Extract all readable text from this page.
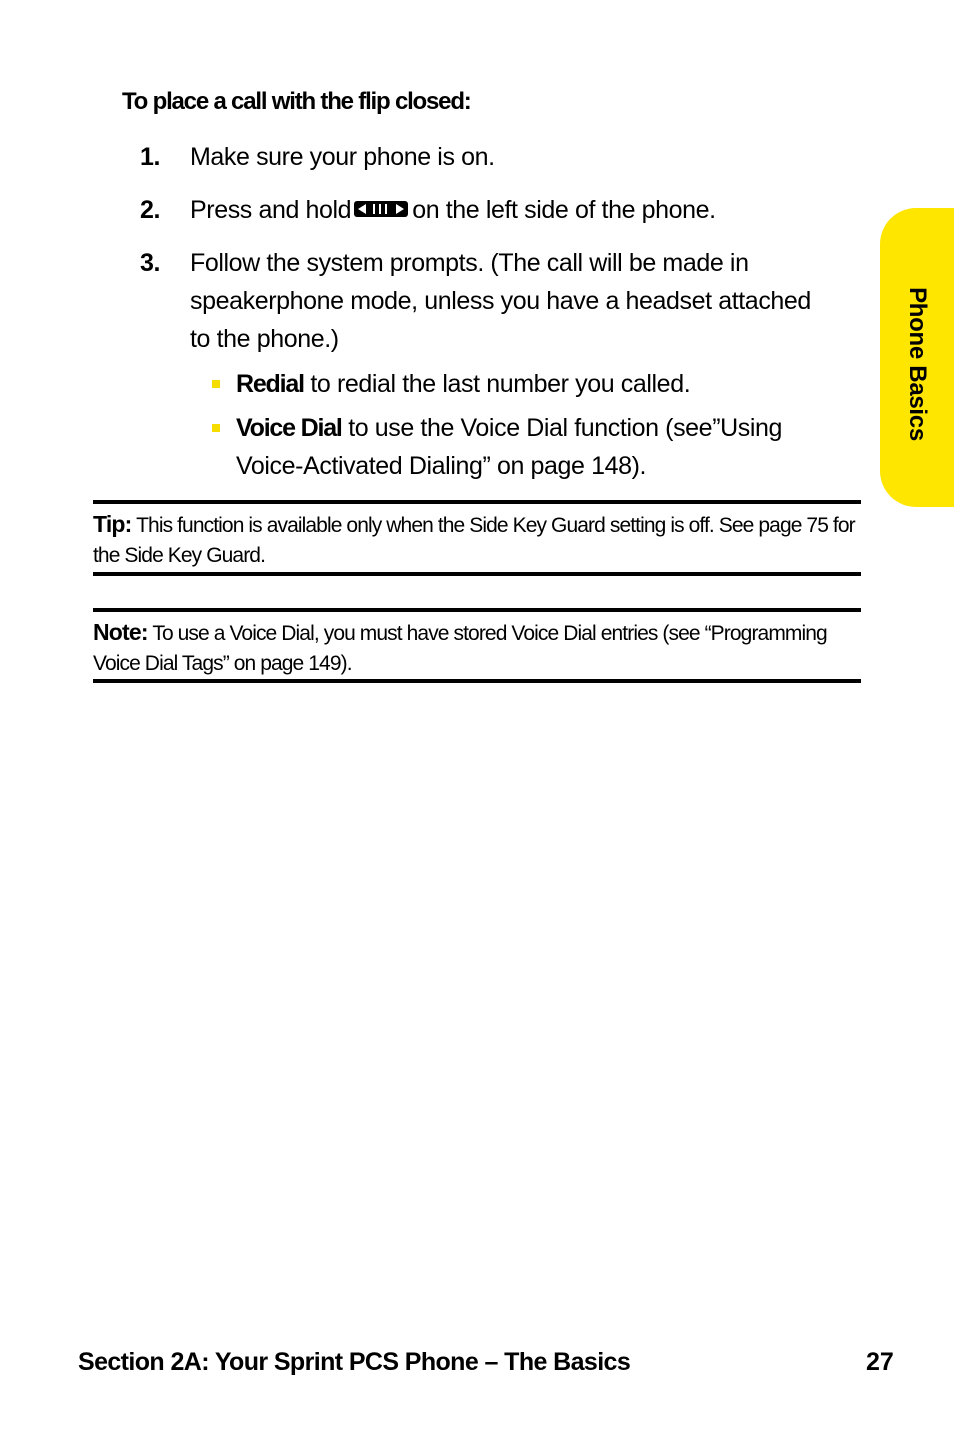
To place a call with the flip closed:
1. Make sure your phone is on.
2. Press and hold on the left side of the phone.
3. Follow the system prompts. (The call will be made in speakerphone mode, unless you have a headset attached to the phone.)
Redial to redial the last number you called.
Voice Dial to use the Voice Dial function (see”Using Voice-Activated Dialing” on page 148).
Tip: This function is available only when the Side Key Guard setting is off. See page 75 for the Side Key Guard.
Note: To use a Voice Dial, you must have stored Voice Dial entries (see “Programming Voice Dial Tags” on page 149).
Phone Basics
Section 2A: Your Sprint PCS Phone – The Basics	27
